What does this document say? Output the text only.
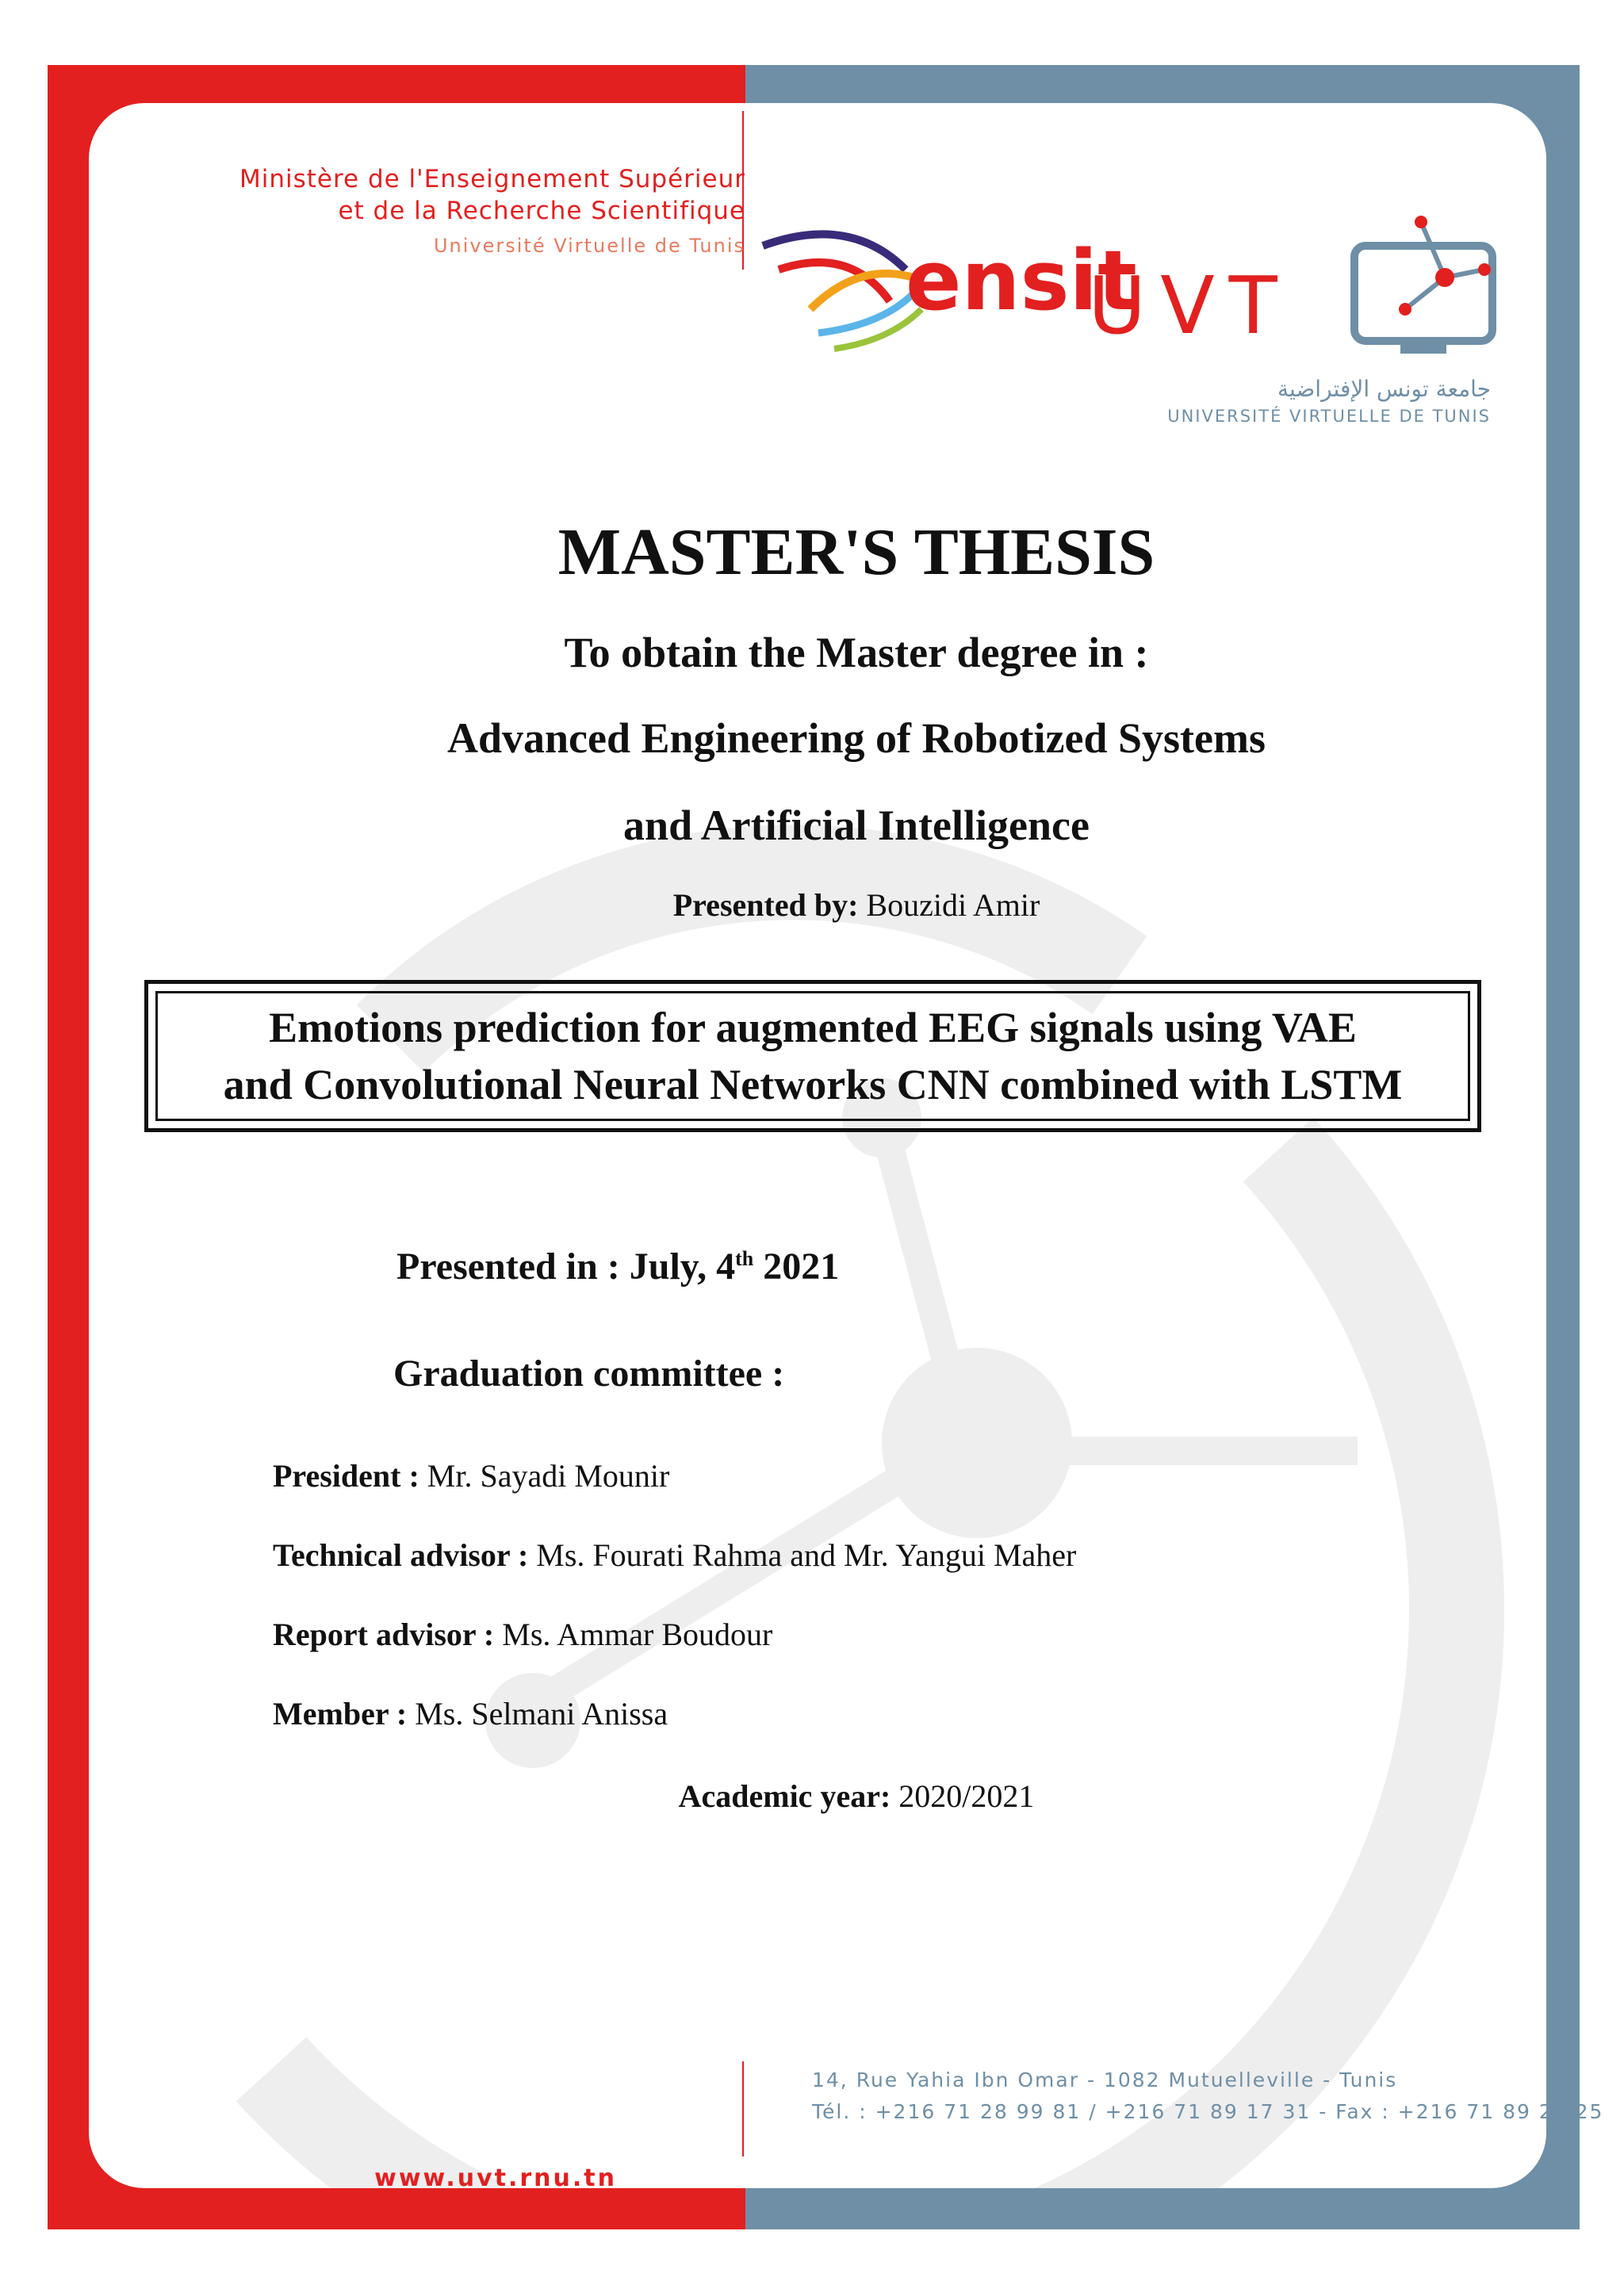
Ministère de l'Enseignement Supérieur
et de la Recherche Scientifique
Université Virtuelle de Tunis ensit
UVT
جامعة تونس الإفتراضية
UNIVERSITÉ VIRTUELLE DE TUNIS
www.uvt.rnu.tn
MASTER'S THESIS
To obtain the Master degree in :
Advanced Engineering of Robotized Systems
and Artificial Intelligence
Presented by: Bouzidi Amir
Emotions prediction for augmented EEG signals using VAE
and Convolutional Neural Networks CNN combined with LSTM
Presented in : July, 4th 2021
Graduation committee :
President : Mr. Sayadi Mounir
Technical advisor : Ms. Fourati Rahma and Mr. Yangui Maher
Report advisor : Ms. Ammar Boudour
Member : Ms. Selmani Anissa
Academic year: 2020/2021
14, Rue Yahia Ibn Omar - 1082 Mutuelleville - Tunis
Tél. : +216 71 28 99 81 / +216 71 89 17 31 - Fax : +216 71 89 26 25
